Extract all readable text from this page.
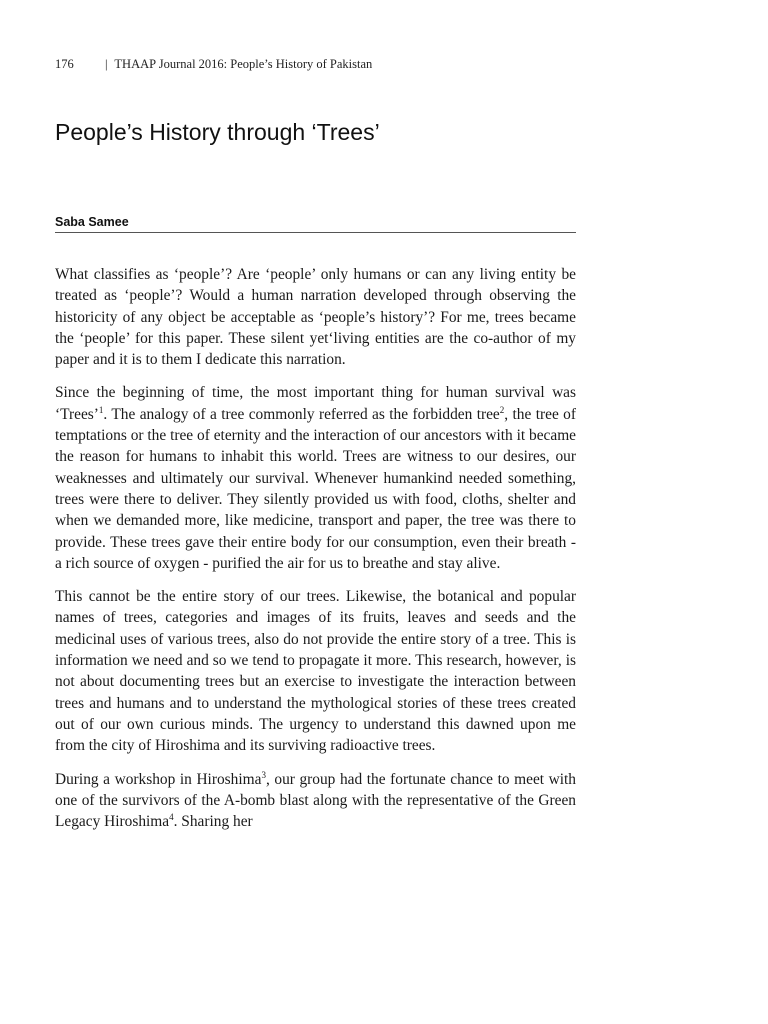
176	| THAAP Journal 2016: People’s History of Pakistan
People’s History through ‘Trees’
Saba Samee

What classifies as ‘people’? Are ‘people’ only humans or can any living entity be treated as ‘people’? Would a human narration developed through observing the historicity of any object be acceptable as ‘people’s history’? For me, trees became the ‘people’ for this paper. These silent yet‘living entities are the co-author of my paper and it is to them I dedicate this narration.

Since the beginning of time, the most important thing for human survival was ‘Trees’$^1$. The analogy of a tree commonly referred as the forbidden tree$^2$, the tree of temptations or the tree of eternity and the interaction of our ancestors with it became the reason for humans to inhabit this world. Trees are witness to our desires, our weaknesses and ultimately our survival. Whenever humankind needed something, trees were there to deliver. They silently provided us with food, cloths, shelter and when we demanded more, like medicine, transport and paper, the tree was there to provide. These trees gave their entire body for our consumption, even their breath - a rich source of oxygen - purified the air for us to breathe and stay alive.

This cannot be the entire story of our trees. Likewise, the botanical and popular names of trees, categories and images of its fruits, leaves and seeds and the medicinal uses of various trees, also do not provide the entire story of a tree. This is information we need and so we tend to propagate it more. This research, however, is not about documenting trees but an exercise to investigate the interaction between trees and humans and to understand the mythological stories of these trees created out of our own curious minds. The urgency to understand this dawned upon me from the city of Hiroshima and its surviving radioactive trees.

During a workshop in Hiroshima$^3$, our group had the fortunate chance to meet with one of the survivors of the A-bomb blast along with the representative of the Green Legacy Hiroshima$^4$. Sharing her
